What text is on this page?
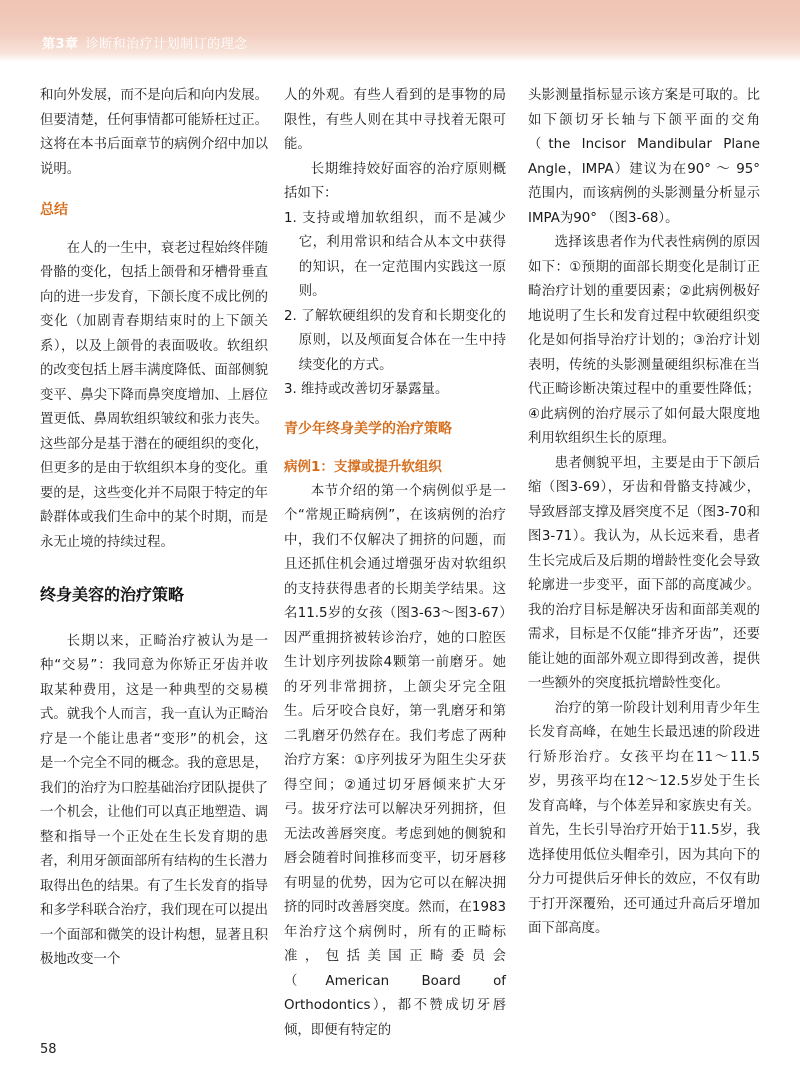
第3章 诊断和治疗计划制订的理念

和向外发展，而不是向后和向内发展。但要清楚，任何事情都可能矫枉过正。这将在本书后面章节的病例介绍中加以说明。

总结

在人的一生中，衰老过程始终伴随骨骼的变化，包括上颌骨和牙槽骨垂直向的进一步发育，下颌长度不成比例的变化（加剧青春期结束时的上下颌关系），以及上颌骨的表面吸收。软组织的改变包括上唇丰满度降低、面部侧貌变平、鼻尖下降而鼻突度增加、上唇位置更低、鼻周软组织皱纹和张力丧失。这些部分是基于潜在的硬组织的变化，但更多的是由于软组织本身的变化。重要的是，这些变化并不局限于特定的年龄群体或我们生命中的某个时期，而是永无止境的持续过程。

终身美容的治疗策略

长期以来，正畸治疗被认为是一种“交易”：我同意为你矫正牙齿并收取某种费用，这是一种典型的交易模式。就我个人而言，我一直认为正畸治疗是一个能让患者“变形”的机会，这是一个完全不同的概念。我的意思是，我们的治疗为口腔基础治疗团队提供了一个机会，让他们可以真正地塑造、调整和指导一个正处在生长发育期的患者，利用牙颌面部所有结构的生长潜力取得出色的结果。有了生长发育的指导和多学科联合治疗，我们现在可以提出一个面部和微笑的设计构想，显著且积极地改变一个

人的外观。有些人看到的是事物的局限性，有些人则在其中寻找着无限可能。

长期维持姣好面容的治疗原则概括如下：

1. 支持或增加软组织，而不是减少它，利用常识和结合从本文中获得的知识，在一定范围内实践这一原则。

2. 了解软硬组织的发育和长期变化的原则，以及颅面复合体在一生中持续变化的方式。

3. 维持或改善切牙暴露量。

青少年终身美学的治疗策略
病例1：支撑或提升软组织

本节介绍的第一个病例似乎是一个“常规正畸病例”，在该病例的治疗中，我们不仅解决了拥挤的问题，而且还抓住机会通过增强牙齿对软组织的支持获得患者的长期美学结果。这名11.5岁的女孩（图3-63～图3-67）因严重拥挤被转诊治疗，她的口腔医生计划序列拔除4颗第一前磨牙。她的牙列非常拥挤，上颌尖牙完全阻生。后牙咬合良好，第一乳磨牙和第二乳磨牙仍然存在。我们考虑了两种治疗方案：①序列拔牙为阻生尖牙获得空间；②通过切牙唇倾来扩大牙弓。拔牙疗法可以解决牙列拥挤，但无法改善唇突度。考虑到她的侧貌和唇会随着时间推移而变平，切牙唇移有明显的优势，因为它可以在解决拥挤的同时改善唇突度。然而，在1983年治疗这个病例时，所有的正畸标准，包括美国正畸委员会（American Board of Orthodontics），都不赞成切牙唇倾，即便有特定的

头影测量指标显示该方案是可取的。比如下颌切牙长轴与下颌平面的交角（the Incisor Mandibular Plane Angle，IMPA）建议为在90° ～ 95° 范围内，而该病例的头影测量分析显示IMPA为90° （图3-68）。

选择该患者作为代表性病例的原因如下：①预期的面部长期变化是制订正畸治疗计划的重要因素；②此病例极好地说明了生长和发育过程中软硬组织变化是如何指导治疗计划的；③治疗计划表明，传统的头影测量硬组织标准在当代正畸诊断决策过程中的重要性降低；④此病例的治疗展示了如何最大限度地利用软组织生长的原理。

患者侧貌平坦，主要是由于下颌后缩（图3-69），牙齿和骨骼支持减少，导致唇部支撑及唇突度不足（图3-70和图3-71）。我认为，从长远来看，患者生长完成后及后期的增龄性变化会导致轮廓进一步变平，面下部的高度减少。我的治疗目标是解决牙齿和面部美观的需求，目标是不仅能“排齐牙齿”，还要能让她的面部外观立即得到改善，提供一些额外的突度抵抗增龄性变化。

治疗的第一阶段计划利用青少年生长发育高峰，在她生长最迅速的阶段进行矫形治疗。女孩平均在11～11.5岁，男孩平均在12～12.5岁处于生长发育高峰，与个体差异和家族史有关。首先，生长引导治疗开始于11.5岁，我选择使用低位头帽牵引，因为其向下的分力可提供后牙伸长的效应，不仅有助于打开深覆殆，还可通过升高后牙增加面下部高度。

58
